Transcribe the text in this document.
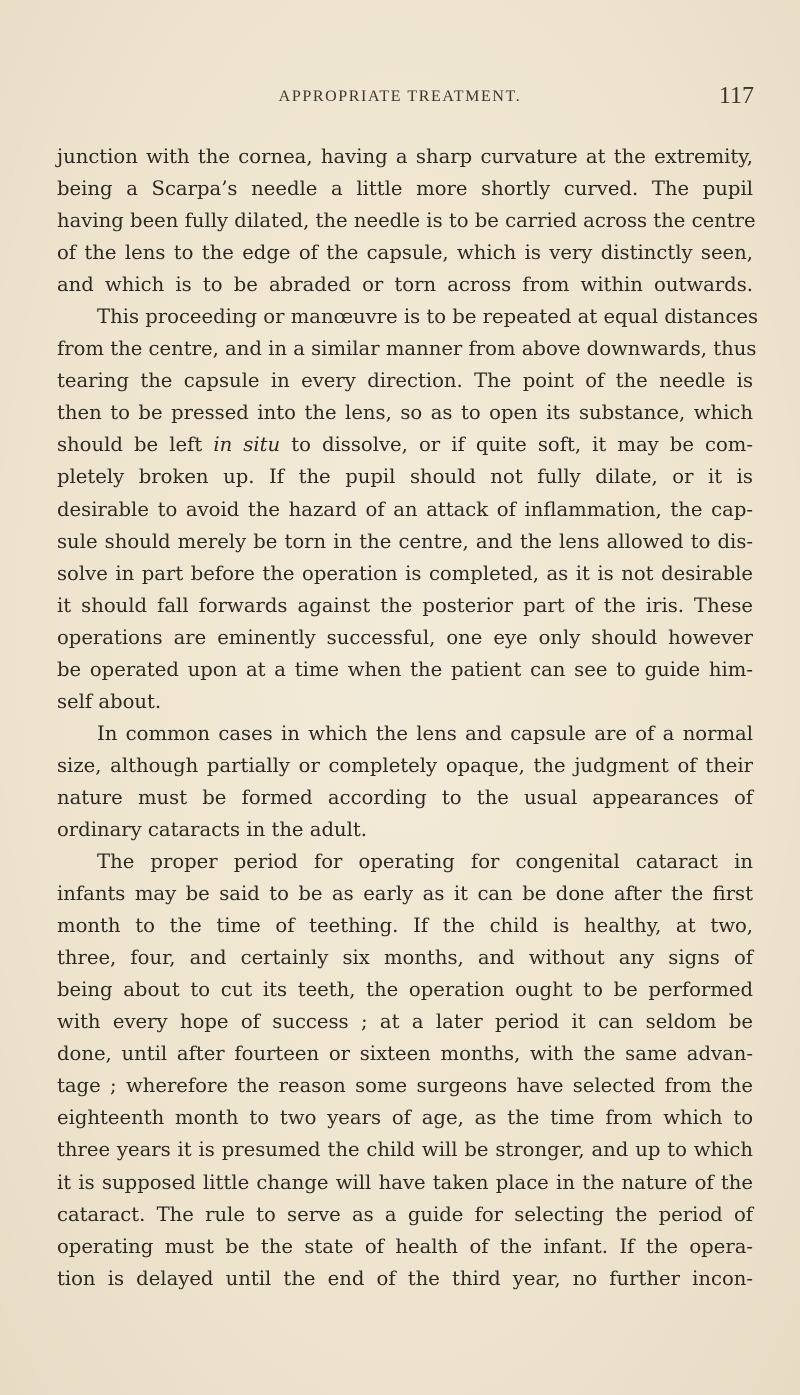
APPROPRIATE TREATMENT.	117
junction with the cornea, having a sharp curvature at the extremity,
being a Scarpa’s needle a little more shortly curved. The pupil
having been fully dilated, the needle is to be carried across the centre
of the lens to the edge of the capsule, which is very distinctly seen,
and which is to be abraded or torn across from within outwards.
This proceeding or manœuvre is to be repeated at equal distances
from the centre, and in a similar manner from above downwards, thus
tearing the capsule in every direction. The point of the needle is
then to be pressed into the lens, so as to open its substance, which
should be left in situ to dissolve, or if quite soft, it may be com-
pletely broken up. If the pupil should not fully dilate, or it is
desirable to avoid the hazard of an attack of inflammation, the cap-
sule should merely be torn in the centre, and the lens allowed to dis-
solve in part before the operation is completed, as it is not desirable
it should fall forwards against the posterior part of the iris. These
operations are eminently successful, one eye only should however
be operated upon at a time when the patient can see to guide him-
self about.
In common cases in which the lens and capsule are of a normal
size, although partially or completely opaque, the judgment of their
nature must be formed according to the usual appearances of
ordinary cataracts in the adult.
The proper period for operating for congenital cataract in
infants may be said to be as early as it can be done after the first
month to the time of teething. If the child is healthy, at two,
three, four, and certainly six months, and without any signs of
being about to cut its teeth, the operation ought to be performed
with every hope of success ; at a later period it can seldom be
done, until after fourteen or sixteen months, with the same advan-
tage ; wherefore the reason some surgeons have selected from the
eighteenth month to two years of age, as the time from which to
three years it is presumed the child will be stronger, and up to which
it is supposed little change will have taken place in the nature of the
cataract. The rule to serve as a guide for selecting the period of
operating must be the state of health of the infant. If the opera-
tion is delayed until the end of the third year, no further incon-
